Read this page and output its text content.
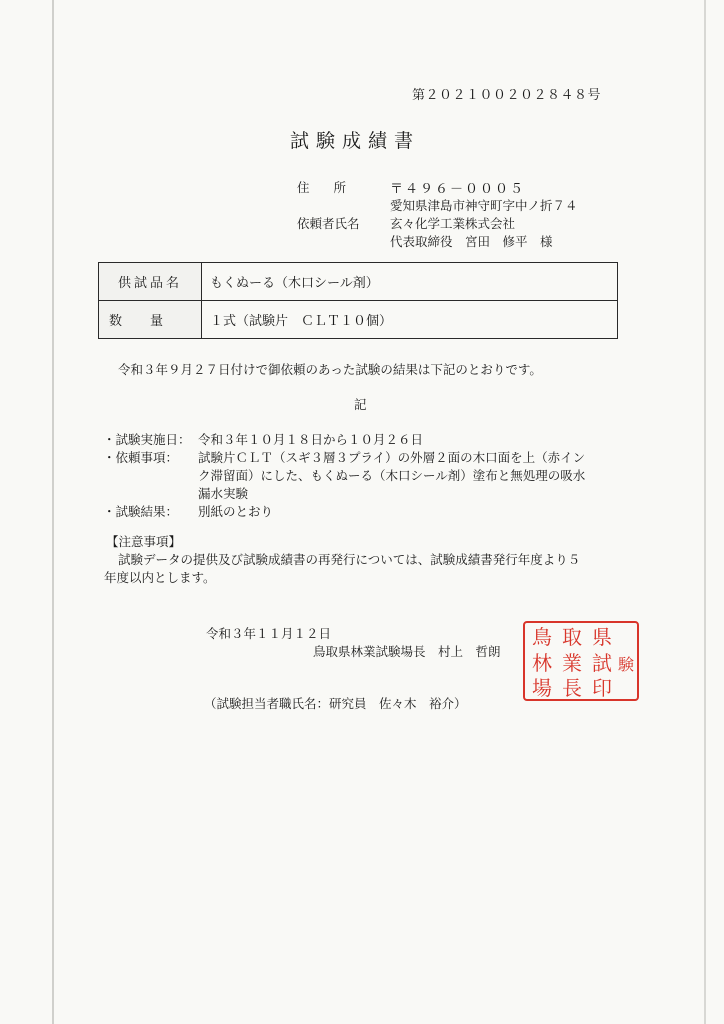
第２０２１００２０２８４８号
試験成績書
住所 〒４９６－０００５
愛知県津島市神守町字中ノ折７４
依頼者氏名 玄々化学工業株式会社
代表取締役　宮田　修平　様
供試品名	もくぬーる（木口シール剤）
数量	１式（試験片　ＣＬＴ１０個）
令和３年９月２７日付けで御依頼のあった試験の結果は下記のとおりです。
記
・試験実施日： 令和３年１０月１８日から１０月２６日
・依頼事項： 試験片ＣＬＴ（スギ３層３プライ）の外層２面の木口面を上（赤イン
ク滞留面）にした、もくぬーる（木口シール剤）塗布と無処理の吸水
漏水実験
・試験結果： 別紙のとおり
【注意事項】
試験データの提供及び試験成績書の再発行については、試験成績書発行年度より５
年度以内とします。
令和３年１１月１２日
鳥取県林業試験場長　村上　哲朗
（試験担当者職氏名：研究員　佐々木　裕介）
鳥 取 県
林 業 試 験
場 長 印
